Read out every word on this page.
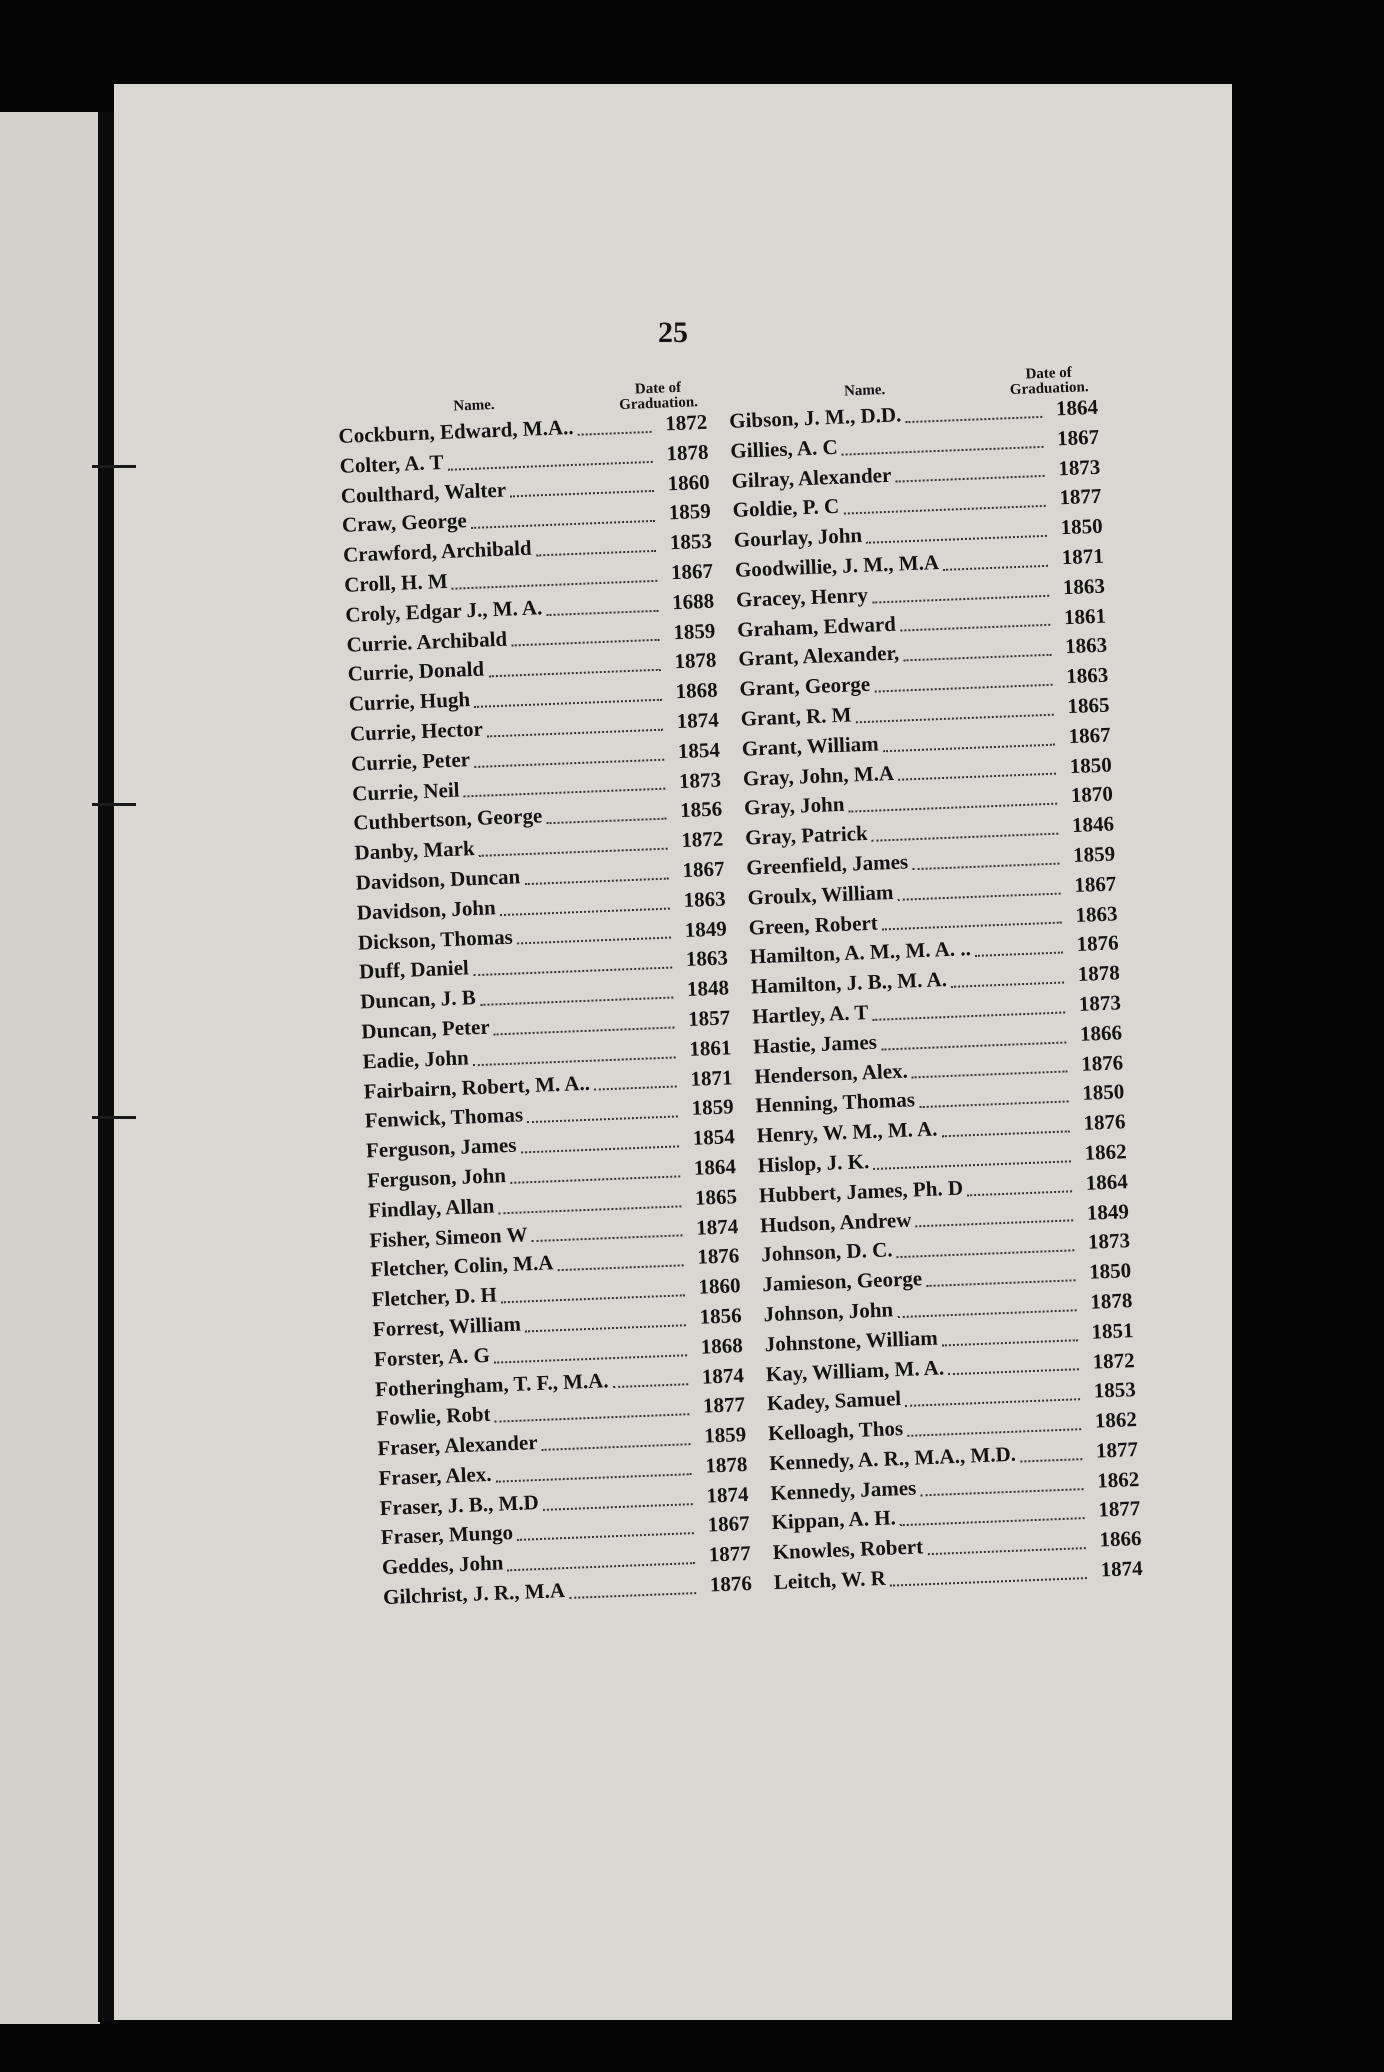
25
Name.
Date of Graduation.
Cockburn, Edward, M.A..	1872
Colter, A. T	1878
Coulthard, Walter	1860
Craw, George	1859
Crawford, Archibald	1853
Croll, H. M	1867
Croly, Edgar J., M. A.	1688
Currie. Archibald	1859
Currie, Donald	1878
Currie, Hugh	1868
Currie, Hector	1874
Currie, Peter	1854
Currie, Neil	1873
Cuthbertson, George	1856
Danby, Mark	1872
Davidson, Duncan	1867
Davidson, John	1863
Dickson, Thomas	1849
Duff, Daniel	1863
Duncan, J. B	1848
Duncan, Peter	1857
Eadie, John	1861
Fairbairn, Robert, M. A..	1871
Fenwick, Thomas	1859
Ferguson, James	1854
Ferguson, John	1864
Findlay, Allan	1865
Fisher, Simeon W	1874
Fletcher, Colin, M.A	1876
Fletcher, D. H	1860
Forrest, William	1856
Forster, A. G	1868
Fotheringham, T. F., M.A.	1874
Fowlie, Robt	1877
Fraser, Alexander	1859
Fraser, Alex.	1878
Fraser, J. B., M.D	1874
Fraser, Mungo	1867
Geddes, John	1877
Gilchrist, J. R., M.A	1876
Name.
Date of Graduation.
Gibson, J. M., D.D.	1864
Gillies, A. C	1867
Gilray, Alexander	1873
Goldie, P. C	1877
Gourlay, John	1850
Goodwillie, J. M., M.A	1871
Gracey, Henry	1863
Graham, Edward	1861
Grant, Alexander,	1863
Grant, George	1863
Grant, R. M	1865
Grant, William	1867
Gray, John, M.A	1850
Gray, John	1870
Gray, Patrick	1846
Greenfield, James	1859
Groulx, William	1867
Green, Robert	1863
Hamilton, A. M., M. A. ..	1876
Hamilton, J. B., M. A.	1878
Hartley, A. T	1873
Hastie, James	1866
Henderson, Alex.	1876
Henning, Thomas	1850
Henry, W. M., M. A.	1876
Hislop, J. K.	1862
Hubbert, James, Ph. D	1864
Hudson, Andrew	1849
Johnson, D. C.	1873
Jamieson, George	1850
Johnson, John	1878
Johnstone, William	1851
Kay, William, M. A.	1872
Kadey, Samuel	1853
Kelloagh, Thos	1862
Kennedy, A. R., M.A., M.D.	1877
Kennedy, James	1862
Kippan, A. H.	1877
Knowles, Robert	1866
Leitch, W. R	1874
